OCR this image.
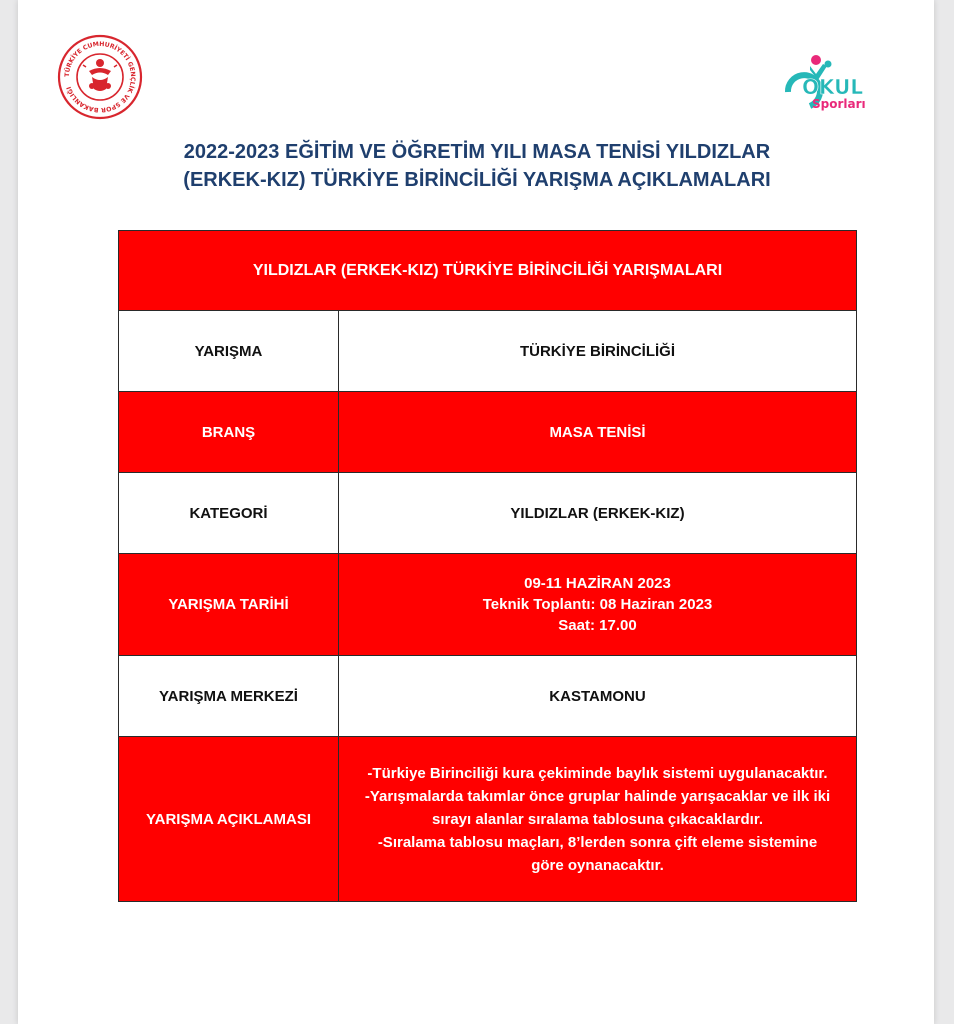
TÜRKİYE CUMHURİYETİ GENÇLİK VE SPOR BAKANLIĞI	OKUL
Sporları
2022-2023 EĞİTİM VE ÖĞRETİM YILI MASA TENİSİ YILDIZLAR
(ERKEK-KIZ) TÜRKİYE BİRİNCİLİĞİ YARIŞMA AÇIKLAMALARI
YILDIZLAR (ERKEK-KIZ) TÜRKİYE BİRİNCİLİĞİ YARIŞMALARI	
YARIŞMA	TÜRKİYE BİRİNCİLİĞİ
BRANŞ	MASA TENİSİ
KATEGORİ	YILDIZLAR (ERKEK-KIZ)
YARIŞMA TARİHİ	09-11 HAZİRAN 2023
Teknik Toplantı: 08 Haziran 2023
Saat: 17.00

YARIŞMA MERKEZİ	KASTAMONU
YARIŞMA AÇIKLAMASI	-Türkiye Birinciliği kura çekiminde baylık sistemi uygulanacaktır.
-Yarışmalarda takımlar önce gruplar halinde yarışacaklar ve ilk iki
sırayı alanlar sıralama tablosuna çıkacaklardır.
-Sıralama tablosu maçları, 8’lerden sonra çift eleme sistemine
göre oynanacaktır.
